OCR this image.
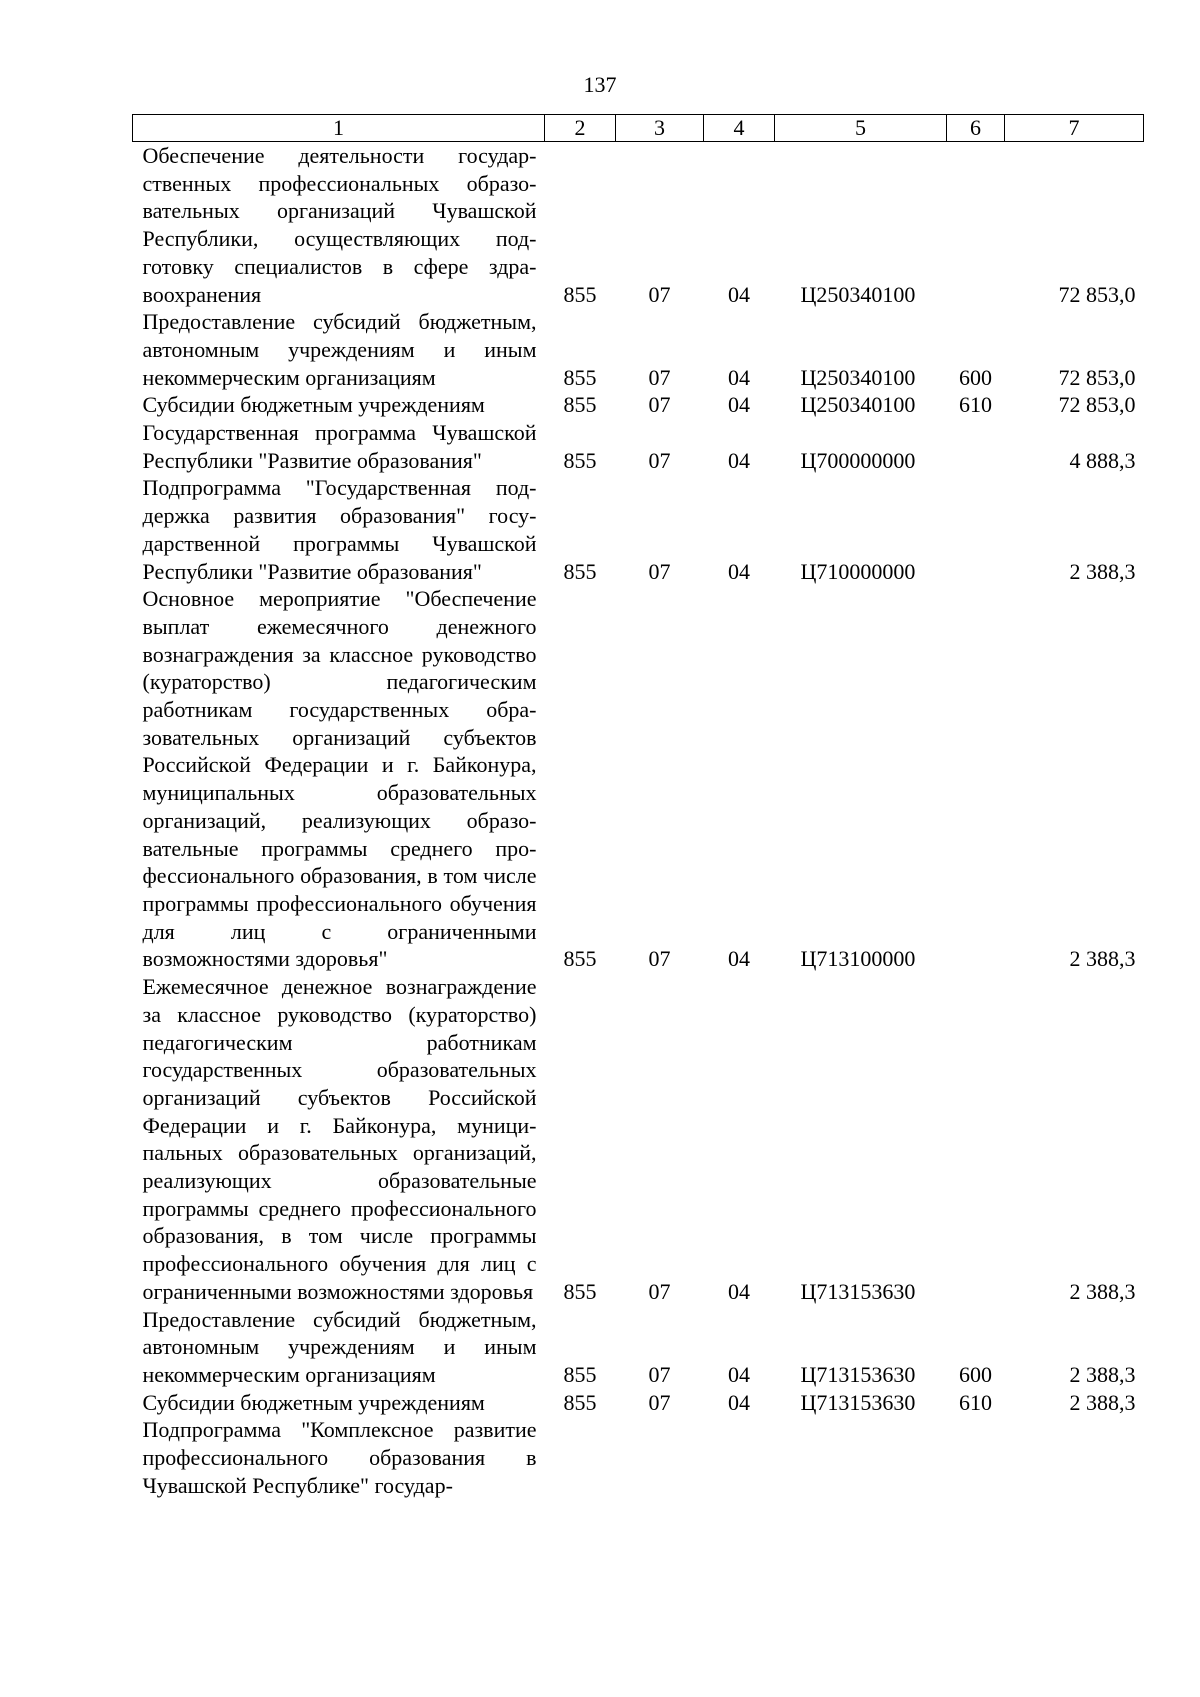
137
1	2	3	4	5	6	7
Обеспечение деятельности государственных профессиональных образовательных организаций Чувашской Республики, осуществляющих подготовку специалистов в сфере здравоохранения	855	07	04	Ц250340100		72 853,0
Предоставление субсидий бюджетным, автономным учреждениям и иным некоммерческим организациям	855	07	04	Ц250340100	600	72 853,0
Субсидии бюджетным учреждениям	855	07	04	Ц250340100	610	72 853,0
Государственная программа Чувашской Республики "Развитие образования"	855	07	04	Ц700000000		4 888,3
Подпрограмма "Государственная поддержка развития образования" государственной программы Чувашской Республики "Развитие образования"	855	07	04	Ц710000000		2 388,3
Основное мероприятие "Обеспечение выплат ежемесячного денежного вознаграждения за классное руководство (кураторство) педагогическим работникам государственных образовательных организаций субъектов Российской Федерации и г. Байконура, муниципальных образовательных организаций, реализующих образовательные программы среднего профессионального образования, в том числе программы профессионального обучения для лиц с ограниченными возможностями здоровья"	855	07	04	Ц713100000		2 388,3
Ежемесячное денежное вознаграждение за классное руководство (кураторство) педагогическим работникам государственных образовательных организаций субъектов Российской Федерации и г. Байконура, муниципальных образовательных организаций, реализующих образовательные программы среднего профессионального образования, в том числе программы профессионального обучения для лиц с ограниченными возможностями здоровья	855	07	04	Ц713153630		2 388,3
Предоставление субсидий бюджетным, автономным учреждениям и иным некоммерческим организациям	855	07	04	Ц713153630	600	2 388,3
Субсидии бюджетным учреждениям	855	07	04	Ц713153630	610	2 388,3
Подпрограмма "Комплексное развитие профессионального образования в Чувашской Республике" государ-						
